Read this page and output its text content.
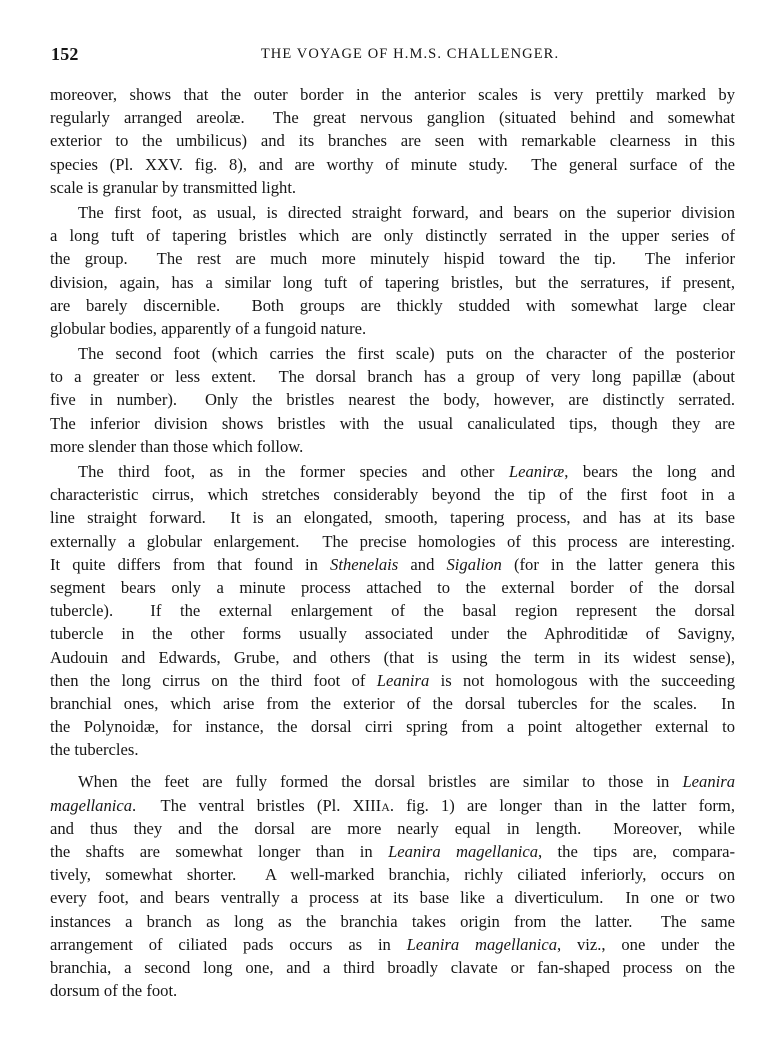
152	THE VOYAGE OF H.M.S. CHALLENGER.
moreover, shows that the outer border in the anterior scales is very prettily marked by
regularly arranged areolæ.  The great nervous ganglion (situated behind and somewhat
exterior to the umbilicus) and its branches are seen with remarkable clearness in this
species (Pl. XXV. fig. 8), and are worthy of minute study.  The general surface of the
scale is granular by transmitted light.
The first foot, as usual, is directed straight forward, and bears on the superior division
a long tuft of tapering bristles which are only distinctly serrated in the upper series of
the group.  The rest are much more minutely hispid toward the tip.  The inferior
division, again, has a similar long tuft of tapering bristles, but the serratures, if present,
are barely discernible.  Both groups are thickly studded with somewhat large clear
globular bodies, apparently of a fungoid nature.
The second foot (which carries the first scale) puts on the character of the posterior
to a greater or less extent.  The dorsal branch has a group of very long papillæ (about
five in number).  Only the bristles nearest the body, however, are distinctly serrated.
The inferior division shows bristles with the usual canaliculated tips, though they are
more slender than those which follow.
The third foot, as in the former species and other Leaniræ, bears the long and
characteristic cirrus, which stretches considerably beyond the tip of the first foot in a
line straight forward.  It is an elongated, smooth, tapering process, and has at its base
externally a globular enlargement.  The precise homologies of this process are interesting.
It quite differs from that found in Sthenelais and Sigalion (for in the latter genera this
segment bears only a minute process attached to the external border of the dorsal
tubercle).  If the external enlargement of the basal region represent the dorsal
tubercle in the other forms usually associated under the Aphroditidæ of Savigny,
Audouin and Edwards, Grube, and others (that is using the term in its widest sense),
then the long cirrus on the third foot of Leanira is not homologous with the succeeding
branchial ones, which arise from the exterior of the dorsal tubercles for the scales.  In
the Polynoidæ, for instance, the dorsal cirri spring from a point altogether external to
the tubercles.
When the feet are fully formed the dorsal bristles are similar to those in Leanira
magellanica.  The ventral bristles (Pl. XIIIa. fig. 1) are longer than in the latter form,
and thus they and the dorsal are more nearly equal in length.  Moreover, while
the shafts are somewhat longer than in Leanira magellanica, the tips are, compara-
tively, somewhat shorter.  A well-marked branchia, richly ciliated inferiorly, occurs on
every foot, and bears ventrally a process at its base like a diverticulum.  In one or two
instances a branch as long as the branchia takes origin from the latter.  The same
arrangement of ciliated pads occurs as in Leanira magellanica, viz., one under the
branchia, a second long one, and a third broadly clavate or fan-shaped process on the
dorsum of the foot.
